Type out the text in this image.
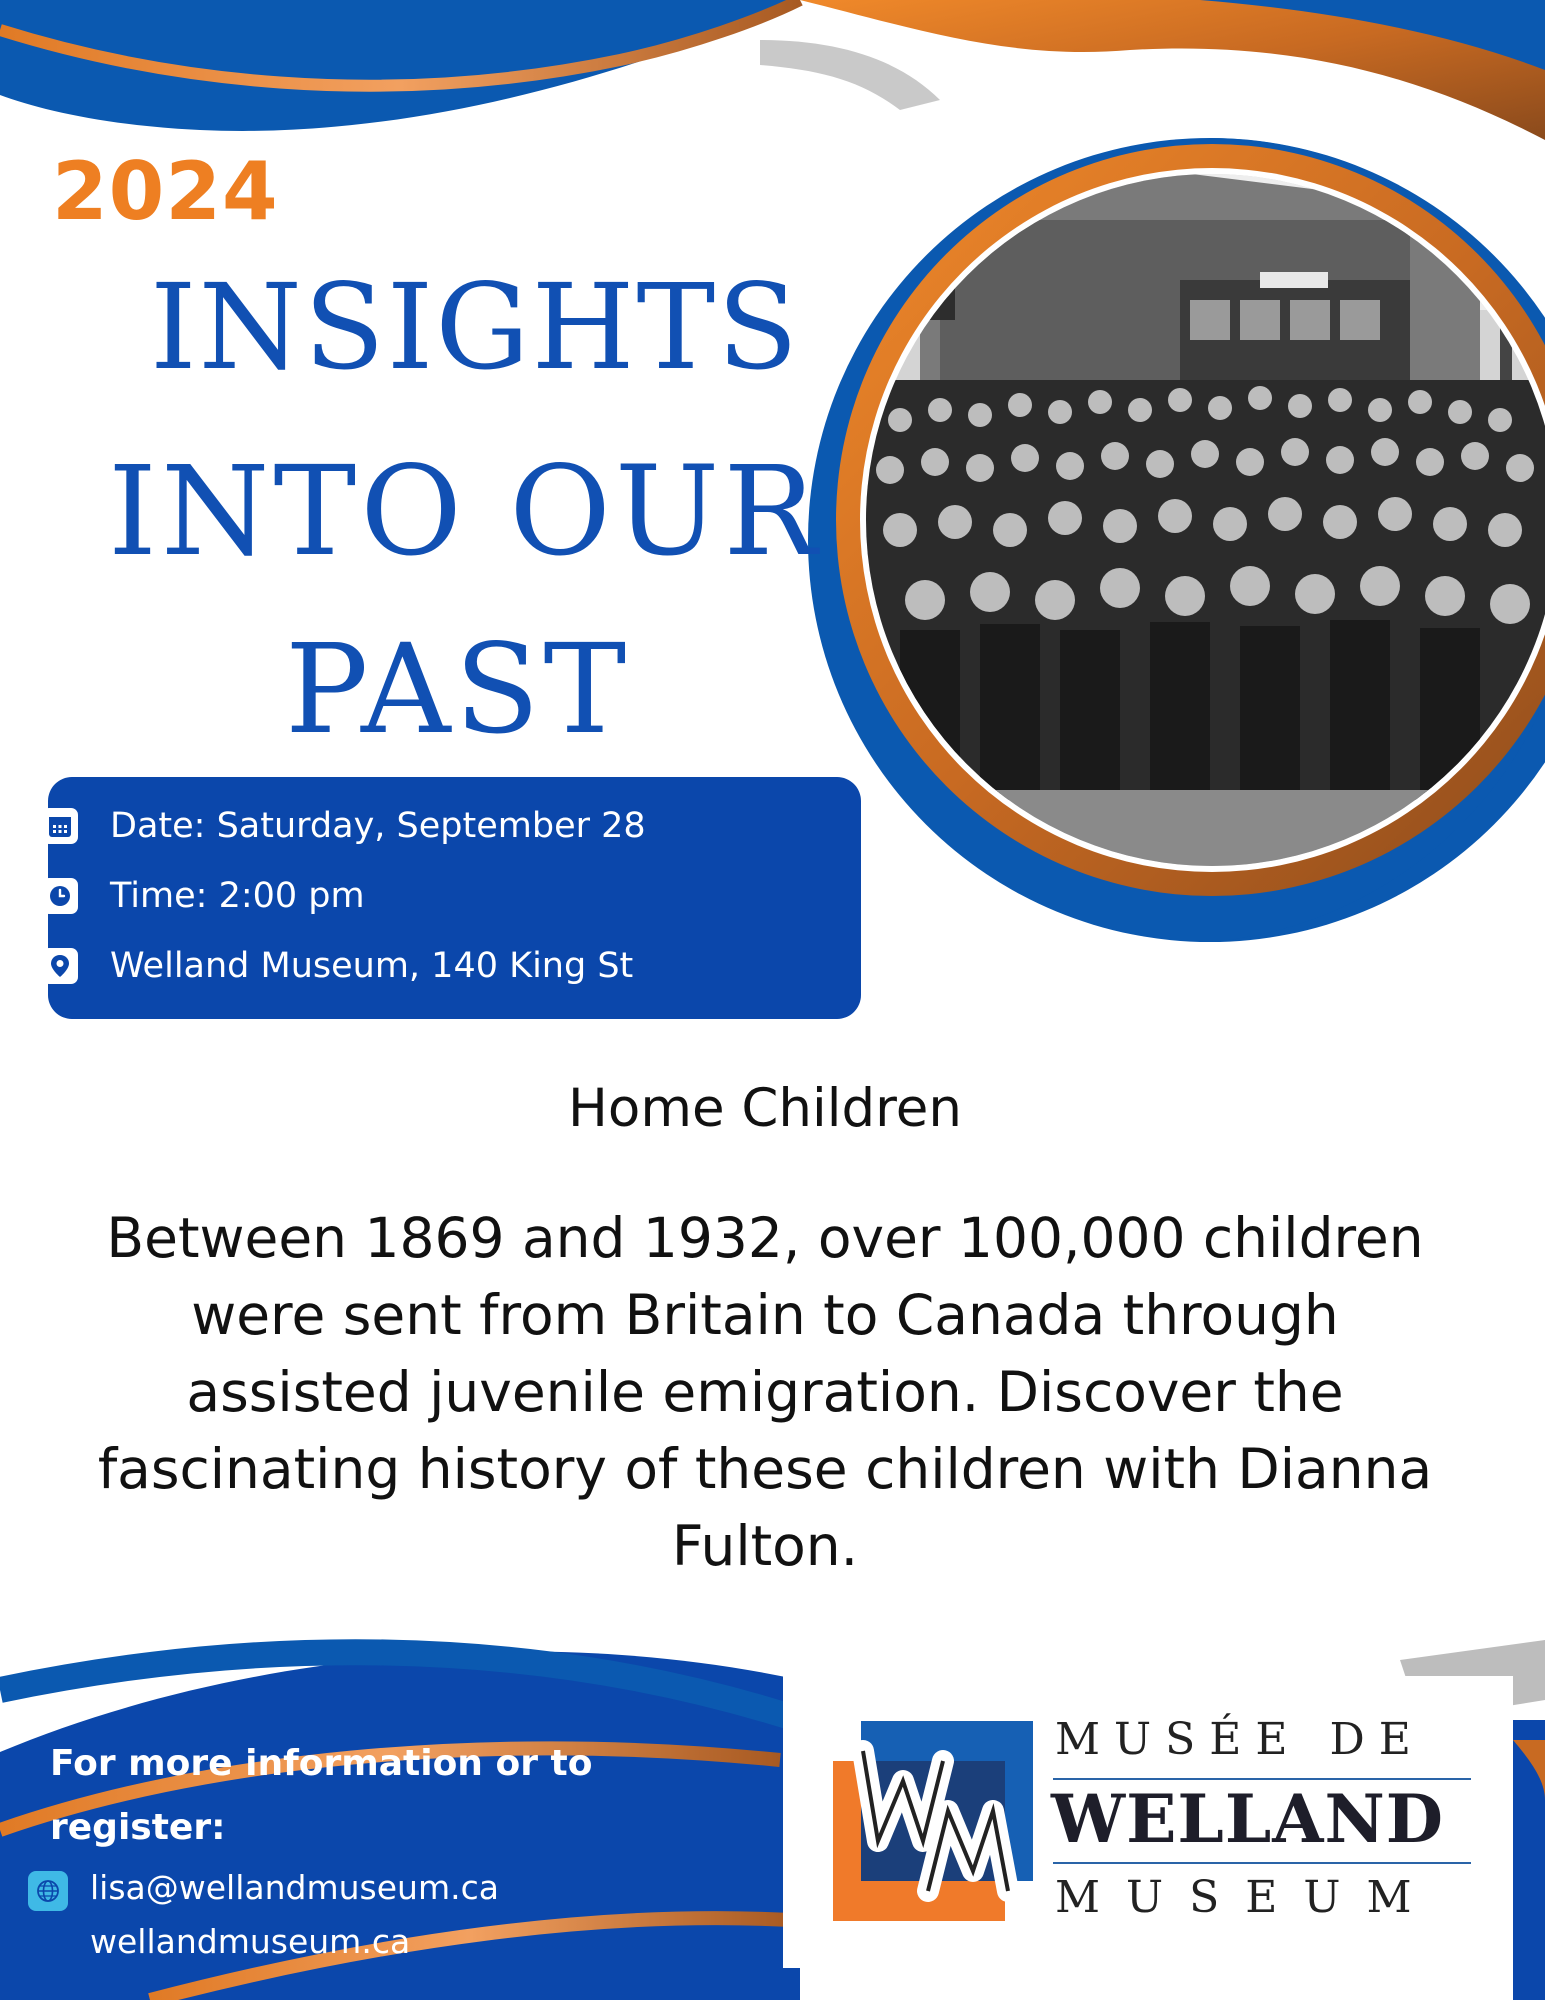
2024
INSIGHTS
INTO OUR
PAST
Date: Saturday, September 28
Time: 2:00 pm
Welland Museum, 140 King St
Home Children
Between 1869 and 1932, over 100,000 children were sent from Britain to Canada through assisted juvenile emigration. Discover the fascinating history of these children with Dianna Fulton.
For more information or to register:
lisa@wellandmuseum.ca
wellandmuseum.ca
wm	MUSÉE DE
WELLAND
MUSEUM
